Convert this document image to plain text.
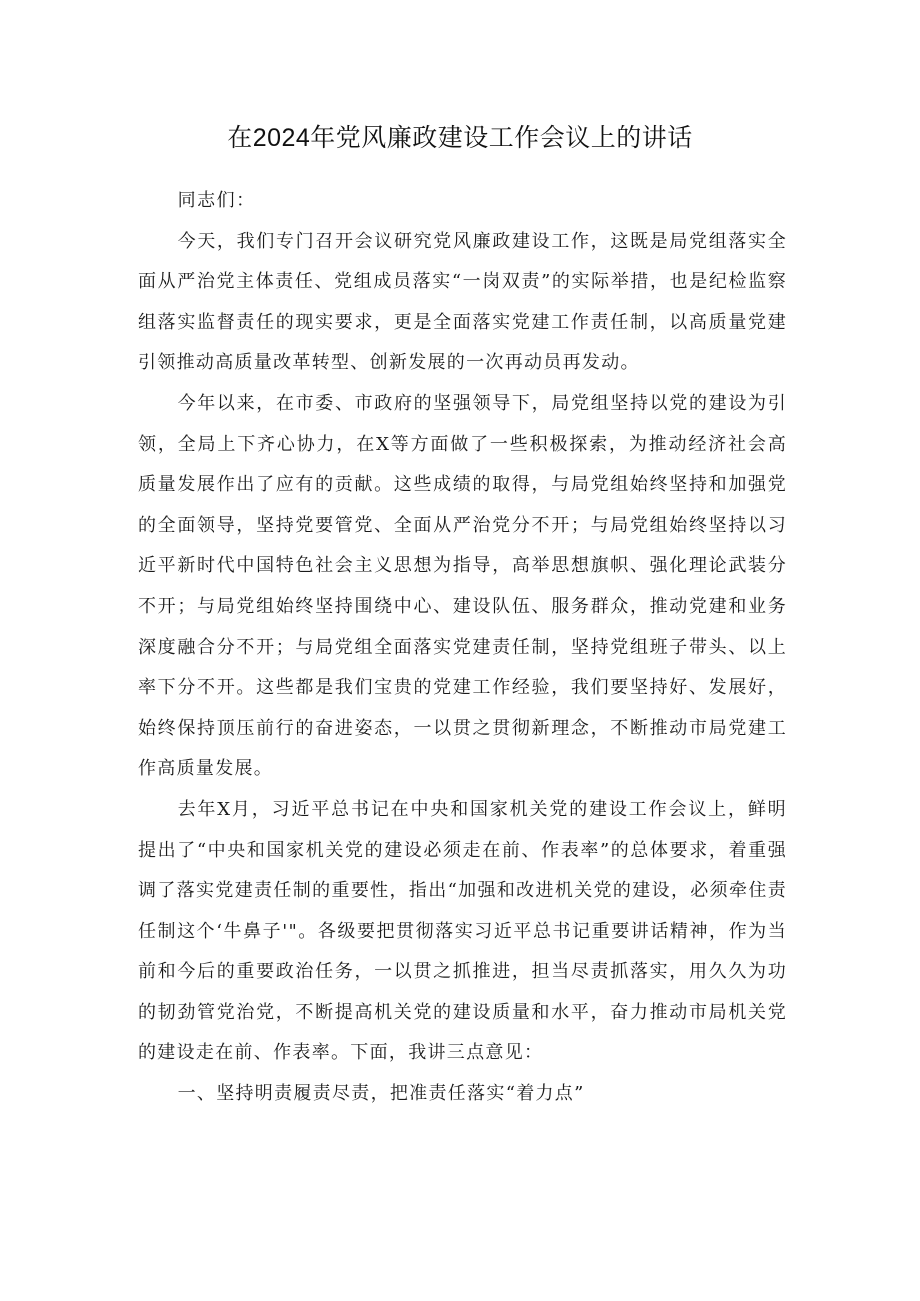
在2024年党风廉政建设工作会议上的讲话

同志们：

今天，我们专门召开会议研究党风廉政建设工作，这既是局党组落实全面从严治党主体责任、党组成员落实“一岗双责”的实际举措，也是纪检监察组落实监督责任的现实要求，更是全面落实党建工作责任制，以高质量党建引领推动高质量改革转型、创新发展的一次再动员再发动。

今年以来，在市委、市政府的坚强领导下，局党组坚持以党的建设为引领，全局上下齐心协力，在X等方面做了一些积极探索，为推动经济社会高质量发展作出了应有的贡献。这些成绩的取得，与局党组始终坚持和加强党的全面领导，坚持党要管党、全面从严治党分不开；与局党组始终坚持以习近平新时代中国特色社会主义思想为指导，高举思想旗帜、强化理论武装分不开；与局党组始终坚持围绕中心、建设队伍、服务群众，推动党建和业务深度融合分不开；与局党组全面落实党建责任制，坚持党组班子带头、以上率下分不开。这些都是我们宝贵的党建工作经验，我们要坚持好、发展好，始终保持顶压前行的奋进姿态，一以贯之贯彻新理念，不断推动市局党建工作高质量发展。

去年X月，习近平总书记在中央和国家机关党的建设工作会议上，鲜明提出了“中央和国家机关党的建设必须走在前、作表率”的总体要求，着重强调了落实党建责任制的重要性，指出“加强和改进机关党的建设，必须牵住责任制这个‘牛鼻子'"。各级要把贯彻落实习近平总书记重要讲话精神，作为当前和今后的重要政治任务，一以贯之抓推进，担当尽责抓落实，用久久为功的韧劲管党治党，不断提高机关党的建设质量和水平，奋力推动市局机关党的建设走在前、作表率。下面，我讲三点意见：

一、坚持明责履责尽责，把准责任落实“着力点”
